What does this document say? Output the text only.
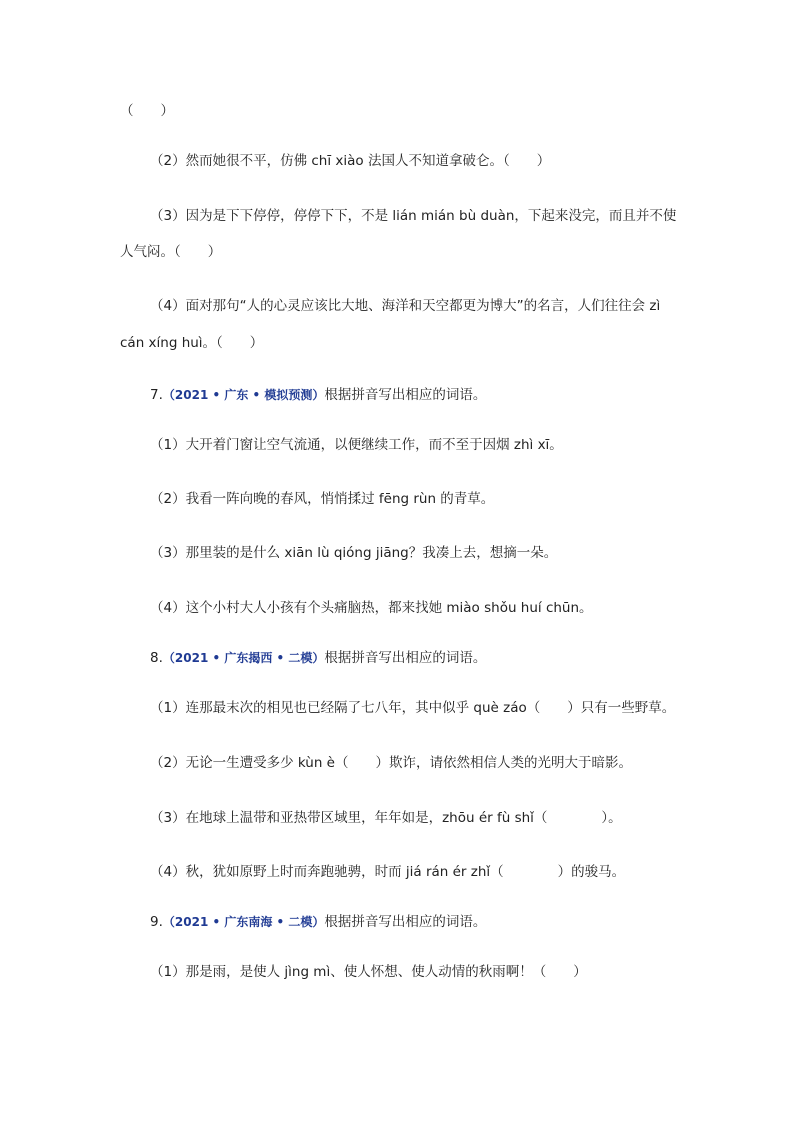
（　　）
（2）然而她很不平，仿佛 chī xiào 法国人不知道拿破仑。（　　）
（3）因为是下下停停，停停下下，不是 lián mián bù duàn，下起来没完，而且并不使
人气闷。（　　）
（4）面对那句“人的心灵应该比大地、海洋和天空都更为博大”的名言，人们往往会 zì
cán xíng huì。（　　）
7.（2021 • 广东 • 模拟预测）根据拼音写出相应的词语。
（1）大开着门窗让空气流通，以便继续工作，而不至于因烟 zhì xī。
（2）我看一阵向晚的春风，悄悄揉过 fēng rùn 的青草。
（3）那里装的是什么 xiān lù qióng jiāng？我凑上去，想摘一朵。
（4）这个小村大人小孩有个头痛脑热，都来找她 miào shǒu huí chūn。
8.（2021 • 广东揭西 • 二模）根据拼音写出相应的词语。
（1）连那最末次的相见也已经隔了七八年，其中似乎 què záo（　　）只有一些野草。
（2）无论一生遭受多少 kùn è（　　）欺诈，请依然相信人类的光明大于暗影。
（3）在地球上温带和亚热带区域里，年年如是，zhōu ér fù shǐ（　　　　）。
（4）秋，犹如原野上时而奔跑驰骋，时而 jiá rán ér zhǐ（　　　　）的骏马。
9.（2021 • 广东南海 • 二模）根据拼音写出相应的词语。
（1）那是雨，是使人 jìng mì、使人怀想、使人动情的秋雨啊！（　　）
